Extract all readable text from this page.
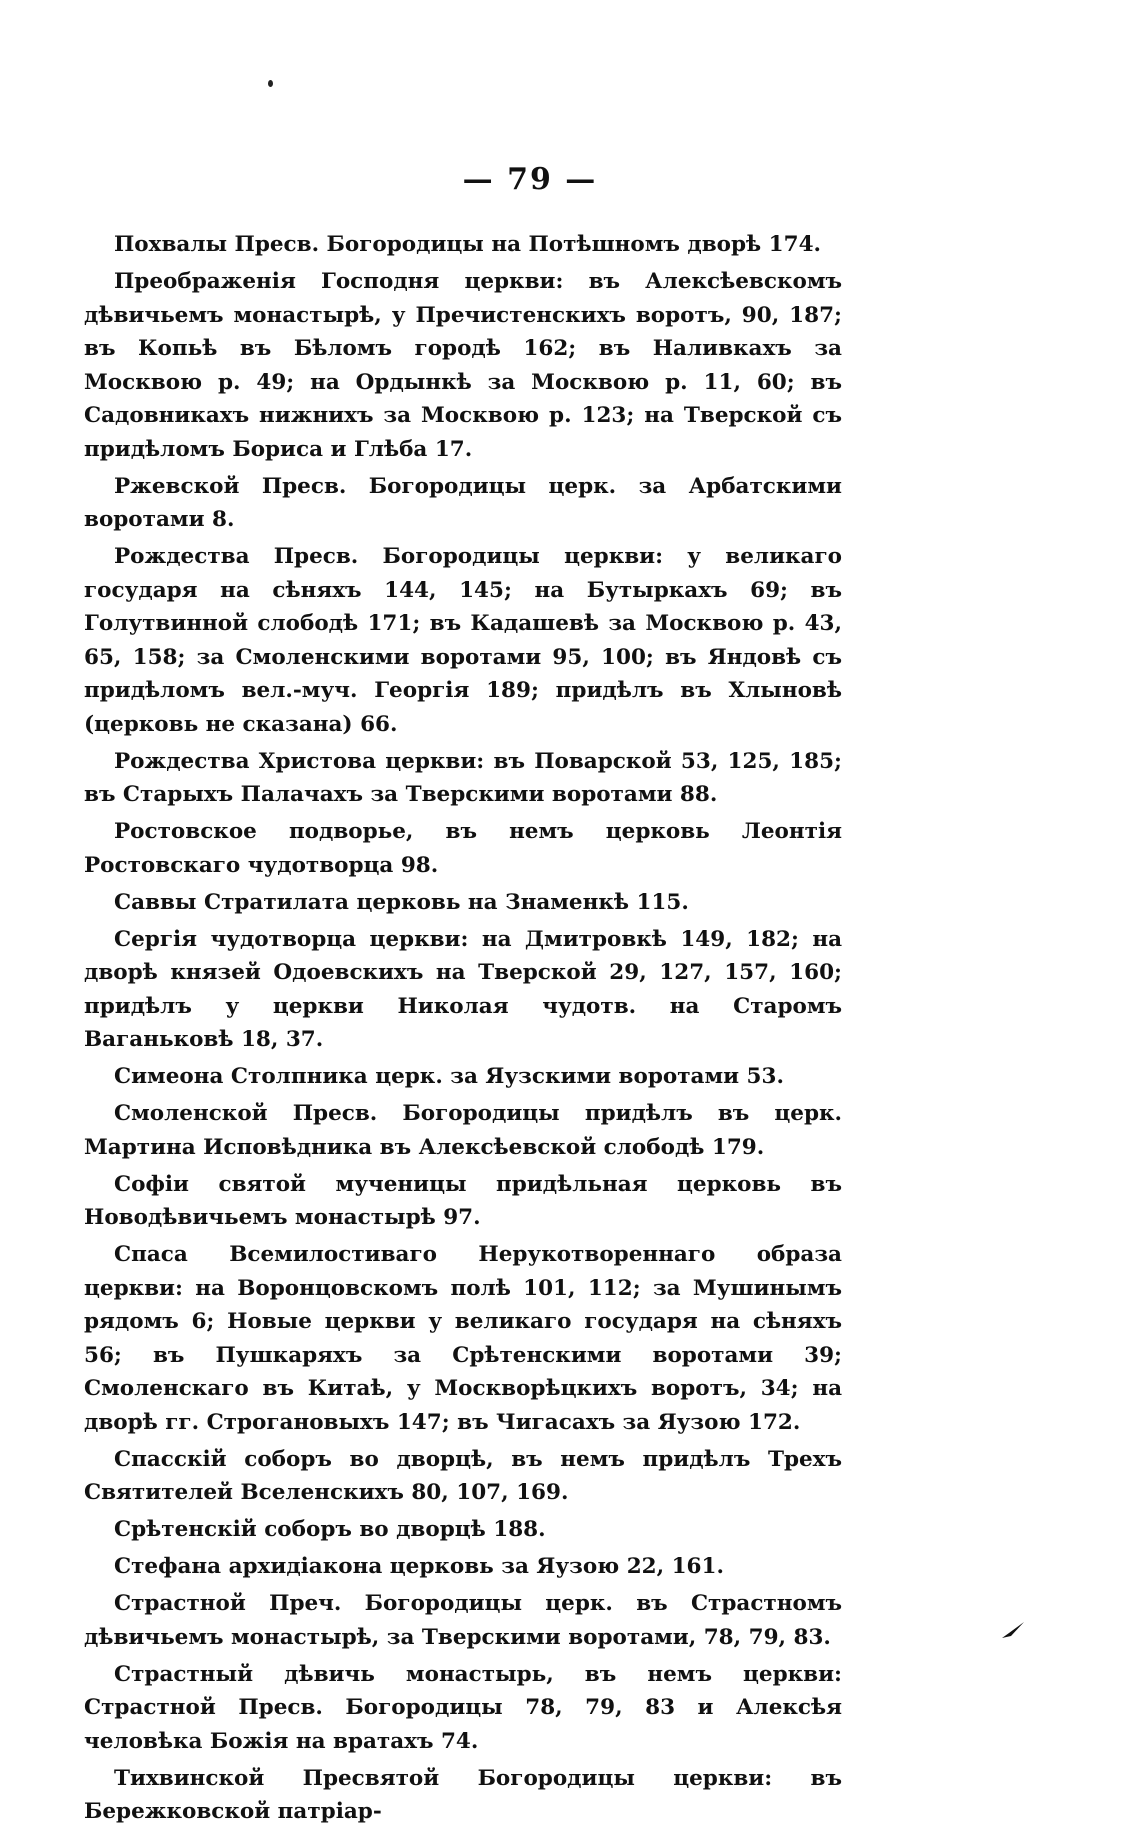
— 79 —

Похвалы Пресв. Богородицы на Потѣшномъ дворѣ 174.

Преображенія Господня церкви: въ Алексѣевскомъ дѣвичьемъ монастырѣ, у Пречистенскихъ воротъ, 90, 187; въ Копьѣ въ Бѣломъ городѣ 162; въ Наливкахъ за Москвою р. 49; на Ордынкѣ за Москвою р. 11, 60; въ Садовникахъ нижнихъ за Москвою р. 123; на Тверской съ придѣломъ Бориса и Глѣба 17.

Ржевской Пресв. Богородицы церк. за Арбатскими воротами 8.

Рождества Пресв. Богородицы церкви: у великаго государя на сѣняхъ 144, 145; на Бутыркахъ 69; въ Голутвинной слободѣ 171; въ Кадашевѣ за Москвою р. 43, 65, 158; за Смоленскими воротами 95, 100; въ Яндовѣ съ придѣломъ вел.-муч. Георгія 189; придѣлъ въ Хлыновѣ (церковь не сказана) 66.

Рождества Христова церкви: въ Поварской 53, 125, 185; въ Старыхъ Палачахъ за Тверскими воротами 88.

Ростовское подворье, въ немъ церковь Леонтія Ростовскаго чудотворца 98.

Саввы Стратилата церковь на Знаменкѣ 115.

Сергія чудотворца церкви: на Дмитровкѣ 149, 182; на дворѣ князей Одоевскихъ на Тверской 29, 127, 157, 160; придѣлъ у церкви Николая чудотв. на Старомъ Ваганьковѣ 18, 37.

Симеона Столпника церк. за Яузскими воротами 53.

Смоленской Пресв. Богородицы придѣлъ въ церк. Мартина Исповѣдника въ Алексѣевской слободѣ 179.

Софіи святой мученицы придѣльная церковь въ Новодѣвичьемъ монастырѣ 97.

Спаса Всемилостиваго Нерукотвореннаго образа церкви: на Воронцовскомъ полѣ 101, 112; за Мушинымъ рядомъ 6; Новые церкви у великаго государя на сѣняхъ 56; въ Пушкаряхъ за Срѣтенскими воротами 39; Смоленскаго въ Китаѣ, у Москворѣцкихъ воротъ, 34; на дворѣ гг. Строгановыхъ 147; въ Чигасахъ за Яузою 172.

Спасскій соборъ во дворцѣ, въ немъ придѣлъ Трехъ Святителей Вселенскихъ 80, 107, 169.

Срѣтенскій соборъ во дворцѣ 188.

Стефана архидіакона церковь за Яузою 22, 161.

Страстной Преч. Богородицы церк. въ Страстномъ дѣвичьемъ монастырѣ, за Тверскими воротами, 78, 79, 83.

Страстный дѣвичь монастырь, въ немъ церкви: Страстной Пресв. Богородицы 78, 79, 83 и Алексѣя человѣка Божія на вратахъ 74.

Тихвинской Пресвятой Богородицы церкви: въ Бережковской патріар-
